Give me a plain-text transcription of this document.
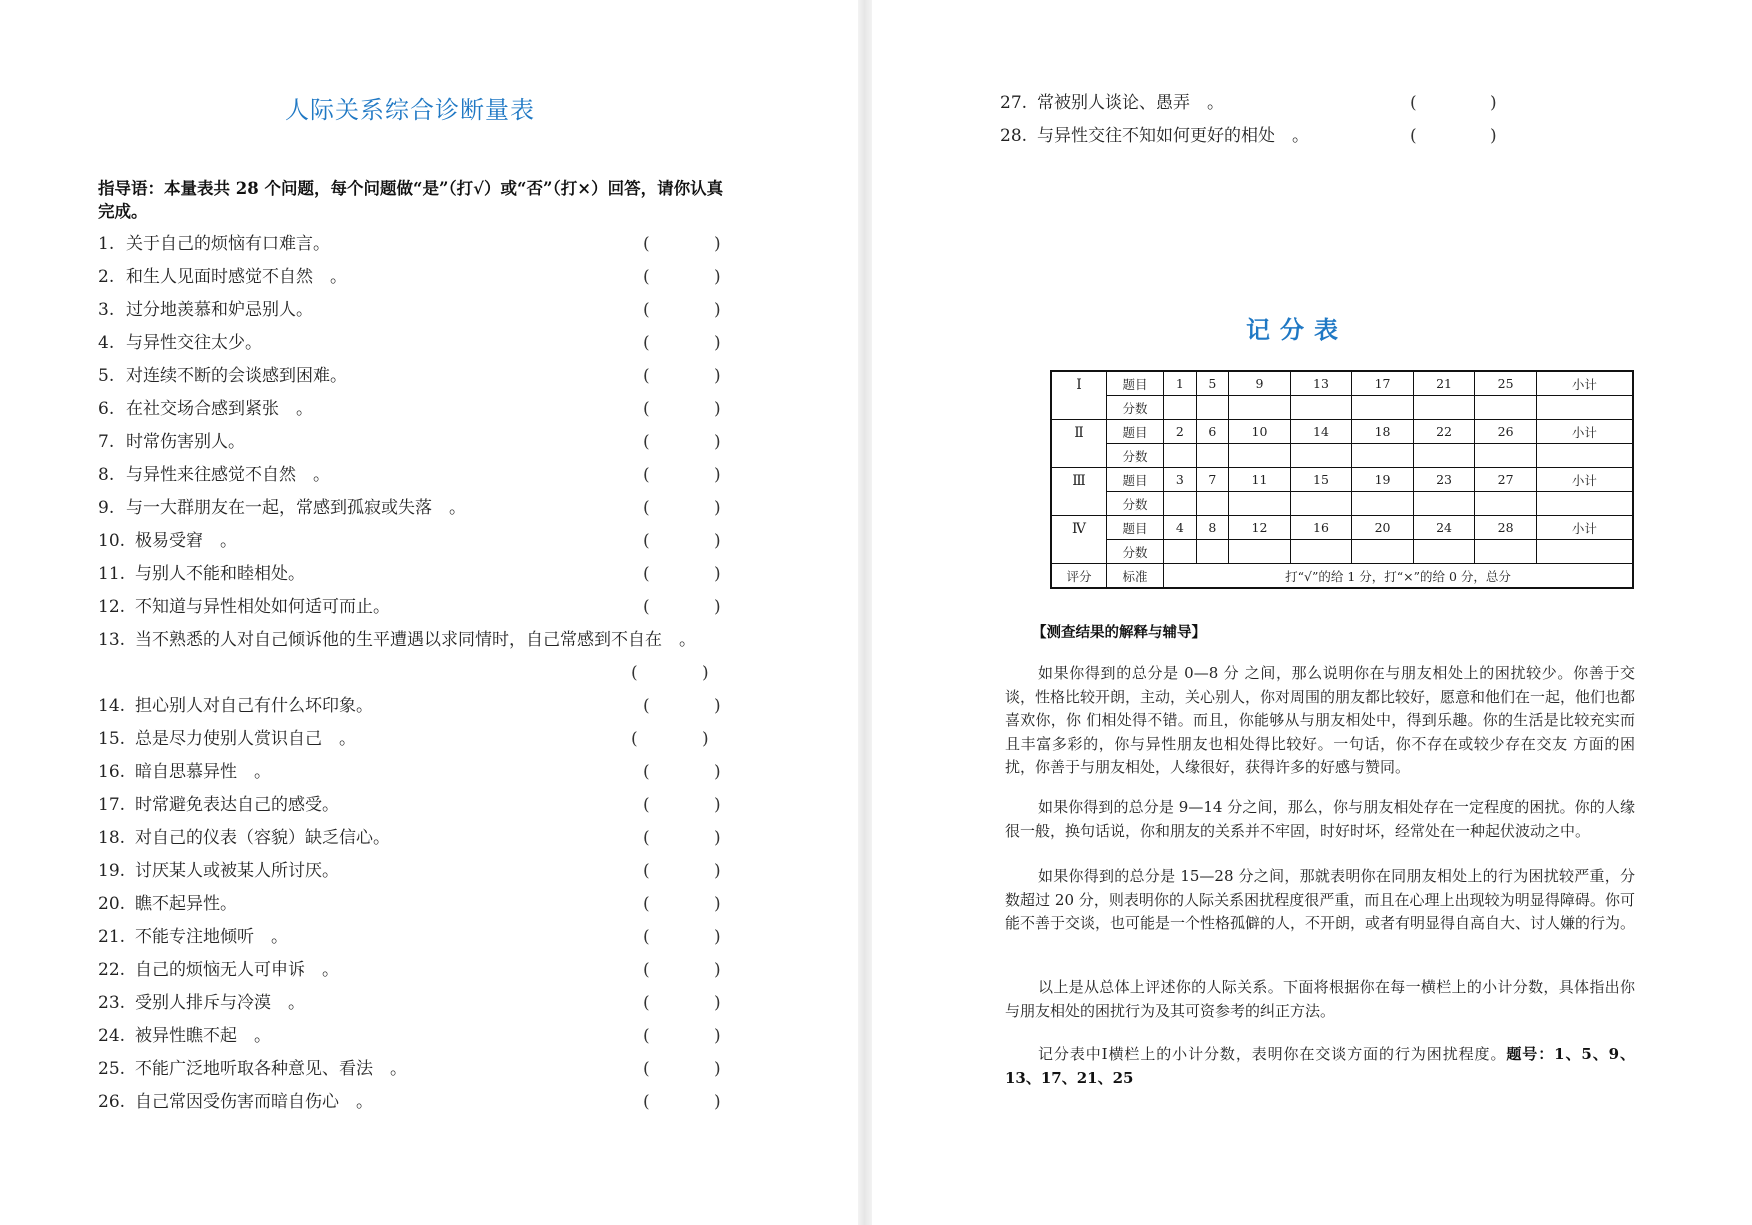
人际关系综合诊断量表
指导语：本量表共 28 个问题，每个问题做“是”（打√）或“否”（打×）回答，请你认真完成。
1. 关于自己的烦恼有口难言。	(	)
2. 和生人见面时感觉不自然　。	(	)
3. 过分地羡慕和妒忌别人。	(	)
4. 与异性交往太少。	(	)
5. 对连续不断的会谈感到困难。	(	)
6. 在社交场合感到紧张　。	(	)
7. 时常伤害别人。	(	)
8. 与异性来往感觉不自然　。	(	)
9. 与一大群朋友在一起，常感到孤寂或失落　。	(	)
10. 极易受窘　。	(	)
11. 与别人不能和睦相处。	(	)
12. 不知道与异性相处如何适可而止。	(	)
13. 当不熟悉的人对自己倾诉他的生平遭遇以求同情时，自己常感到不自在　。
(	)
14. 担心别人对自己有什么坏印象。	(	)
15. 总是尽力使别人赏识自己　。	(	)
16. 暗自思慕异性　。	(	)
17. 时常避免表达自己的感受。	(	)
18. 对自己的仪表（容貌）缺乏信心。	(	)
19. 讨厌某人或被某人所讨厌。	(	)
20. 瞧不起异性。	(	)
21. 不能专注地倾听　。	(	)
22. 自己的烦恼无人可申诉　。	(	)
23. 受别人排斥与冷漠　。	(	)
24. 被异性瞧不起　。	(	)
25. 不能广泛地听取各种意见、看法　。	(	)
26. 自己常因受伤害而暗自伤心　。	(	)
27. 常被别人谈论、愚弄　。	(	)
28. 与异性交往不知如何更好的相处　。	(	)
记分表
Ⅰ	题目	1	5	9	13	17	21	25	小计
	分数								
Ⅱ	题目	2	6	10	14	18	22	26	小计
	分数								
Ⅲ	题目	3	7	11	15	19	23	27	小计
	分数								
Ⅳ	题目	4	8	12	16	20	24	28	小计
	分数								
评分	标准	打“√”的给 1 分，打“×”的给 0 分，总分							
【测查结果的解释与辅导】
如果你得到的总分是 0—8 分 之间，那么说明你在与朋友相处上的困扰较少。你善于交谈，性格比较开朗，主动，关心别人，你对周围的朋友都比较好，愿意和他们在一起，他们也都喜欢你，你 们相处得不错。而且，你能够从与朋友相处中，得到乐趣。你的生活是比较充实而且丰富多彩的，你与异性朋友也相处得比较好。一句话，你不存在或较少存在交友 方面的困扰，你善于与朋友相处，人缘很好，获得许多的好感与赞同。
如果你得到的总分是 9—14 分之间，那么，你与朋友相处存在一定程度的困扰。你的人缘很一般，换句话说，你和朋友的关系并不牢固，时好时坏，经常处在一种起伏波动之中。
如果你得到的总分是 15—28 分之间，那就表明你在同朋友相处上的行为困扰较严重，分数超过 20 分，则表明你的人际关系困扰程度很严重，而且在心理上出现较为明显得障碍。你可能不善于交谈，也可能是一个性格孤僻的人，不开朗，或者有明显得自高自大、讨人嫌的行为。
以上是从总体上评述你的人际关系。下面将根据你在每一横栏上的小计分数，具体指出你与朋友相处的困扰行为及其可资参考的纠正方法。
记分表中Ⅰ横栏上的小计分数，表明你在交谈方面的行为困扰程度。题号：1、5、9、13、17、21、25
